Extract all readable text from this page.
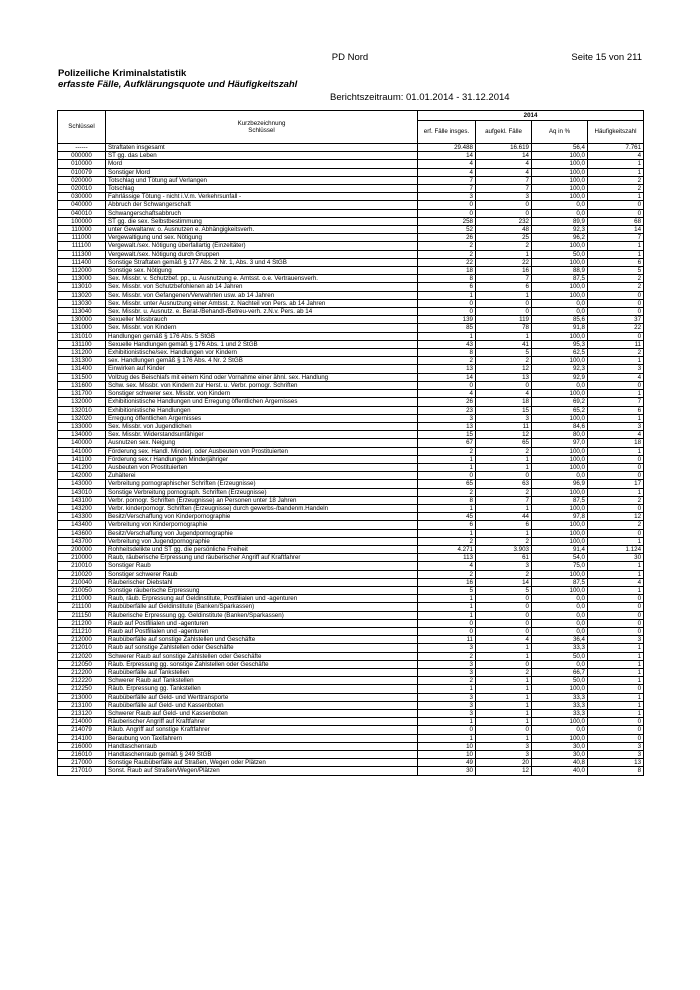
PD Nord	Seite 15 von 211
Polizeiliche Kriminalstatistik
erfasste Fälle, Aufklärungsquote und Häufigkeitszahl
Berichtszeitraum: 01.01.2014 - 31.12.2014
Schlüssel	Kurzbezeichnung
Schlüssel	2014			
		erf. Fälle insges.	aufgekl. Fälle	Aq in %	Häufigkeitszahl
------	Straftaten insgesamt	29.488	16.619	56,4	7.761
000000	ST gg. das Leben	14	14	100,0	4
010000	Mord	4	4	100,0	1
010079	Sonstiger Mord	4	4	100,0	1
020000	Totschlag und Tötung auf Verlangen	7	7	100,0	2
020010	Totschlag	7	7	100,0	2
030000	Fahrlässige Tötung - nicht i.V.m. Verkehrsunfall -	3	3	100,0	1
040000	Abbruch der Schwangerschaft	0	0	0,0	0
040010	Schwangerschaftsabbruch	0	0	0,0	0
100000	ST gg. die sex. Selbstbestimmung	258	232	89,9	68
110000	unter Gewaltanw. o. Ausnutzen e. Abhängigkeitsverh.	52	48	92,3	14
111000	Vergewaltigung und sex. Nötigung	26	25	96,2	7
111100	Vergewalt./sex. Nötigung überfallartig (Einzeltäter)	2	2	100,0	1
111300	Vergewalt./sex. Nötigung durch Gruppen	2	1	50,0	1
111400	Sonstige Straftaten gemäß § 177 Abs. 2 Nr. 1, Abs. 3 und 4 StGB	22	22	100,0	6
112000	Sonstige sex. Nötigung	18	16	88,9	5
113000	Sex. Missbr. v. Schutzbef. pp., u. Ausnutzung e. Amtsst. o.e. Vertrauensverh.	8	7	87,5	2
113010	Sex. Missbr. von Schutzbefohlenen ab 14 Jahren	6	6	100,0	2
113020	Sex. Missbr. von Gefangenen/Verwahrten usw. ab 14 Jahren	1	1	100,0	0
113030	Sex. Missbr. unter Ausnutzung einer Amtsst. z. Nachteil von Pers. ab 14 Jahren	0	0	0,0	0
113040	Sex. Missbr. u. Ausnutz. e. Berat-/Behandl-/Betreu-verh. z.N.v. Pers. ab 14	0	0	0,0	0
130000	Sexueller Missbrauch	139	119	85,6	37
131000	Sex. Missbr. von Kindern	85	78	91,8	22
131010	Handlungen gemäß § 176 Abs. 5 StGB	1	1	100,0	0
131100	Sexuelle Handlungen gemäß § 176 Abs. 1 und 2 StGB	43	41	95,3	11
131200	Exhibitionistische/sex. Handlungen vor Kindern	8	5	62,5	2
131300	sex. Handlungen gemäß § 176 Abs. 4 Nr. 2 StGB	2	2	100,0	1
131400	Einwirken auf Kinder	13	12	92,3	3
131500	Vollzug des Beischlafs mit einem Kind oder Vornahme einer ähnl. sex. Handlung	14	13	92,9	4
131600	Schw. sex. Missbr. von Kindern zur Herst. u. Verbr. pornogr. Schriften	0	0	0,0	0
131700	Sonstiger schwerer sex. Missbr. von Kindern	4	4	100,0	1
132000	Exhibitionistische Handlungen und Erregung öffentlichen Ärgernisses	26	18	69,2	7
132010	Exhibitionistische Handlungen	23	15	65,2	6
132020	Erregung öffentlichen Ärgernisses	3	3	100,0	1
133000	Sex. Missbr. von Jugendlichen	13	11	84,6	3
134000	Sex. Missbr. Widerstandsunfähiger	15	12	80,0	4
140000	Ausnutzen sex. Neigung	67	65	97,0	18
141000	Förderung sex. Handl. Minderj. oder Ausbeuten von Prostituierten	2	2	100,0	1
141100	Förderung sex.r Handlungen Minderjähriger	1	1	100,0	0
141200	Ausbeuten von Prostituierten	1	1	100,0	0
142000	Zuhälterei	0	0	0,0	0
143000	Verbreitung pornographischer Schriften (Erzeugnisse)	65	63	96,9	17
143010	Sonstige Verbreitung pornograph. Schriften (Erzeugnisse)	2	2	100,0	1
143100	Verbr. pornogr. Schriften (Erzeugnisse) an Personen unter 18 Jahren	8	7	87,5	2
143200	Verbr. kinderpornogr. Schriften (Erzeugnisse) durch gewerbs-/bandenm.Handeln	1	1	100,0	0
143300	Besitz/Verschaffung von Kinderpornographie	45	44	97,8	12
143400	Verbreitung von Kinderpornographie	6	6	100,0	2
143600	Besitz/Verschaffung von Jugendpornographie	1	1	100,0	0
143700	Verbreitung von Jugendpornographie	2	2	100,0	1
200000	Rohheitsdelikte und ST gg. die persönliche Freiheit	4.271	3.903	91,4	1.124
210000	Raub, räuberische Erpressung und räuberischer Angriff auf Kraftfahrer	113	61	54,0	30
210010	Sonstiger Raub	4	3	75,0	1
210020	Sonstiger schwerer Raub	2	2	100,0	1
210040	Räuberischer Diebstahl	16	14	87,5	4
210050	Sonstige räuberische Erpressung	5	5	100,0	1
211000	Raub, räub. Erpressung auf Geldinstitute, Postfilialen und -agenturen	1	0	0,0	0
211100	Raubüberfälle auf Geldinstitute (Banken/Sparkassen)	1	0	0,0	0
211150	Räuberische Erpressung gg. Geldinstitute (Banken/Sparkassen)	1	0	0,0	0
211200	Raub auf Postfilialen und -agenturen	0	0	0,0	0
211210	Raub auf Postfilialen und -agenturen	0	0	0,0	0
212000	Raubüberfälle auf sonstige Zahlstellen und Geschäfte	11	4	36,4	3
212010	Raub auf sonstige Zahlstellen oder Geschäfte	3	1	33,3	1
212020	Schwerer Raub auf sonstige Zahlstellen oder Geschäfte	2	1	50,0	1
212050	Räub. Erpressung gg. sonstige Zahlstellen oder Geschäfte	3	0	0,0	1
212200	Raubüberfälle auf Tankstellen	3	2	66,7	1
212220	Schwerer Raub auf Tankstellen	2	1	50,0	1
212250	Räub. Erpressung gg. Tankstellen	1	1	100,0	0
213000	Raubüberfälle auf Geld- und Werttransporte	3	1	33,3	1
213100	Raubüberfälle auf Geld- und Kassenboten	3	1	33,3	1
213120	Schwerer Raub auf Geld- und Kassenboten	3	1	33,3	1
214000	Räuberischer Angriff auf Kraftfahrer	1	1	100,0	0
214079	Räub. Angriff auf sonstige Kraftfahrer	0	0	0,0	0
214100	Beraubung von Taxifahrern	1	1	100,0	0
216000	Handtaschenraub	10	3	30,0	3
216010	Handtaschenraub gemäß § 249 StGB	10	3	30,0	3
217000	Sonstige Raubüberfälle auf Straßen, Wegen oder Plätzen	49	20	40,8	13
217010	Sonst. Raub auf Straßen/Wegen/Plätzen	30	12	40,0	8
